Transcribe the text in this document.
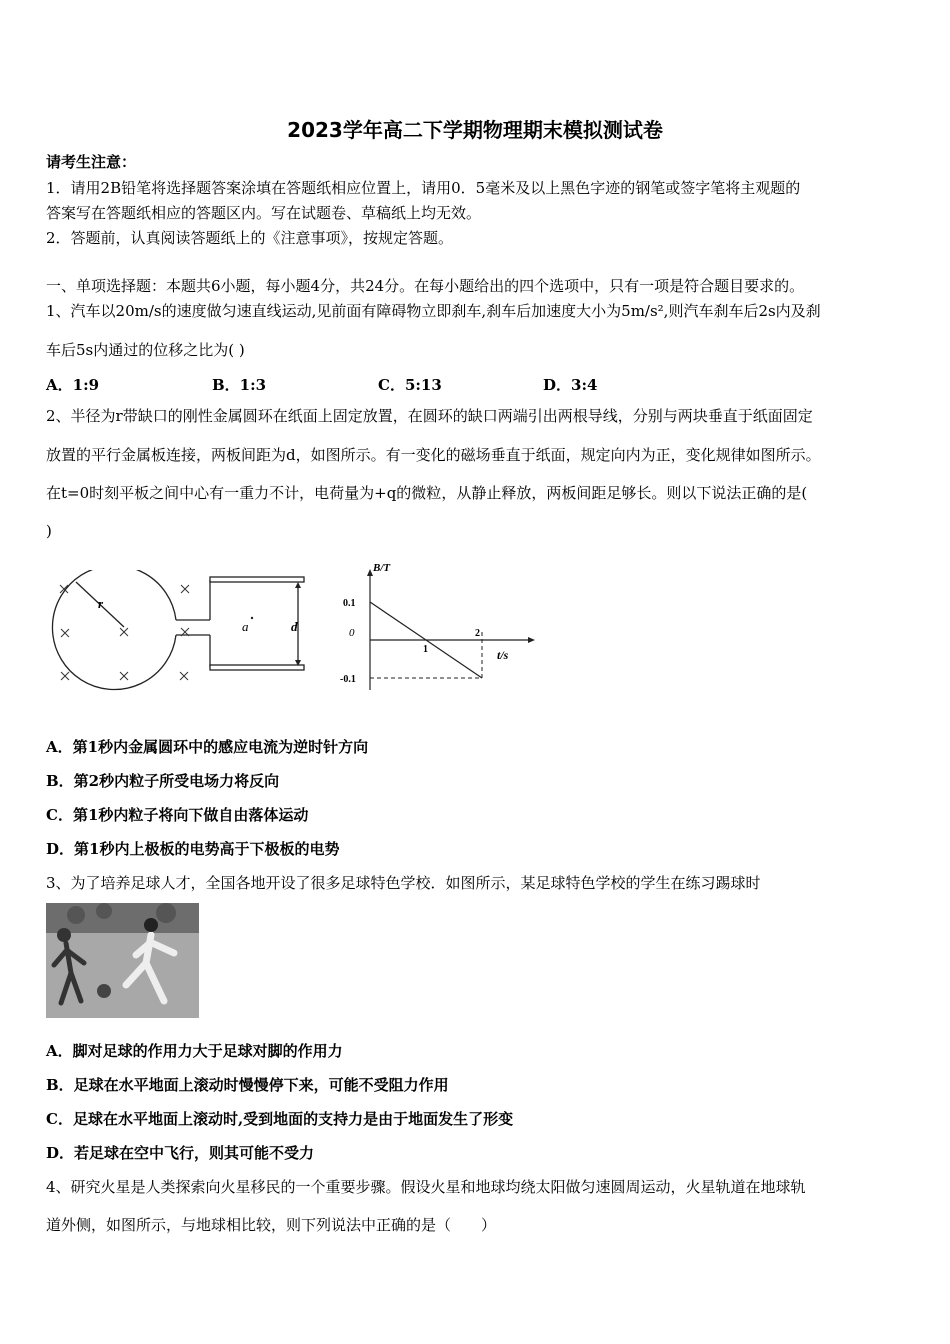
2023学年高二下学期物理期末模拟测试卷
请考生注意：
1．请用2B铅笔将选择题答案涂填在答题纸相应位置上，请用0．5毫米及以上黑色字迹的钢笔或签字笔将主观题的
答案写在答题纸相应的答题区内。写在试题卷、草稿纸上均无效。
2．答题前，认真阅读答题纸上的《注意事项》，按规定答题。
一、单项选择题：本题共6小题，每小题4分，共24分。在每小题给出的四个选项中，只有一项是符合题目要求的。
1、汽车以20m/s的速度做匀速直线运动,见前面有障碍物立即刹车,刹车后加速度大小为5m/s²,则汽车刹车后2s内及刹
车后5s内通过的位移之比为( )
A．1:9	B．1:3	C．5:13	D．3:4
2、半径为r带缺口的刚性金属圆环在纸面上固定放置，在圆环的缺口两端引出两根导线，分别与两块垂直于纸面固定
放置的平行金属板连接，两板间距为d，如图所示。有一变化的磁场垂直于纸面，规定向内为正，变化规律如图所示。
在t=0时刻平板之间中心有一重力不计，电荷量为+q的微粒，从静止释放，两板间距足够长。则以下说法正确的是(
)
r
a	d
B/T
t/s
0.1
0
-0.1
1
2
A．第1秒内金属圆环中的感应电流为逆时针方向
B．第2秒内粒子所受电场力将反向
C．第1秒内粒子将向下做自由落体运动
D．第1秒内上极板的电势高于下极板的电势
3、为了培养足球人才，全国各地开设了很多足球特色学校．如图所示，某足球特色学校的学生在练习踢球时
A．脚对足球的作用力大于足球对脚的作用力
B．足球在水平地面上滚动时慢慢停下来，可能不受阻力作用
C．足球在水平地面上滚动时,受到地面的支持力是由于地面发生了形变
D．若足球在空中飞行，则其可能不受力
4、研究火星是人类探索向火星移民的一个重要步骤。假设火星和地球均绕太阳做匀速圆周运动，火星轨道在地球轨
道外侧，如图所示，与地球相比较，则下列说法中正确的是（　　）
